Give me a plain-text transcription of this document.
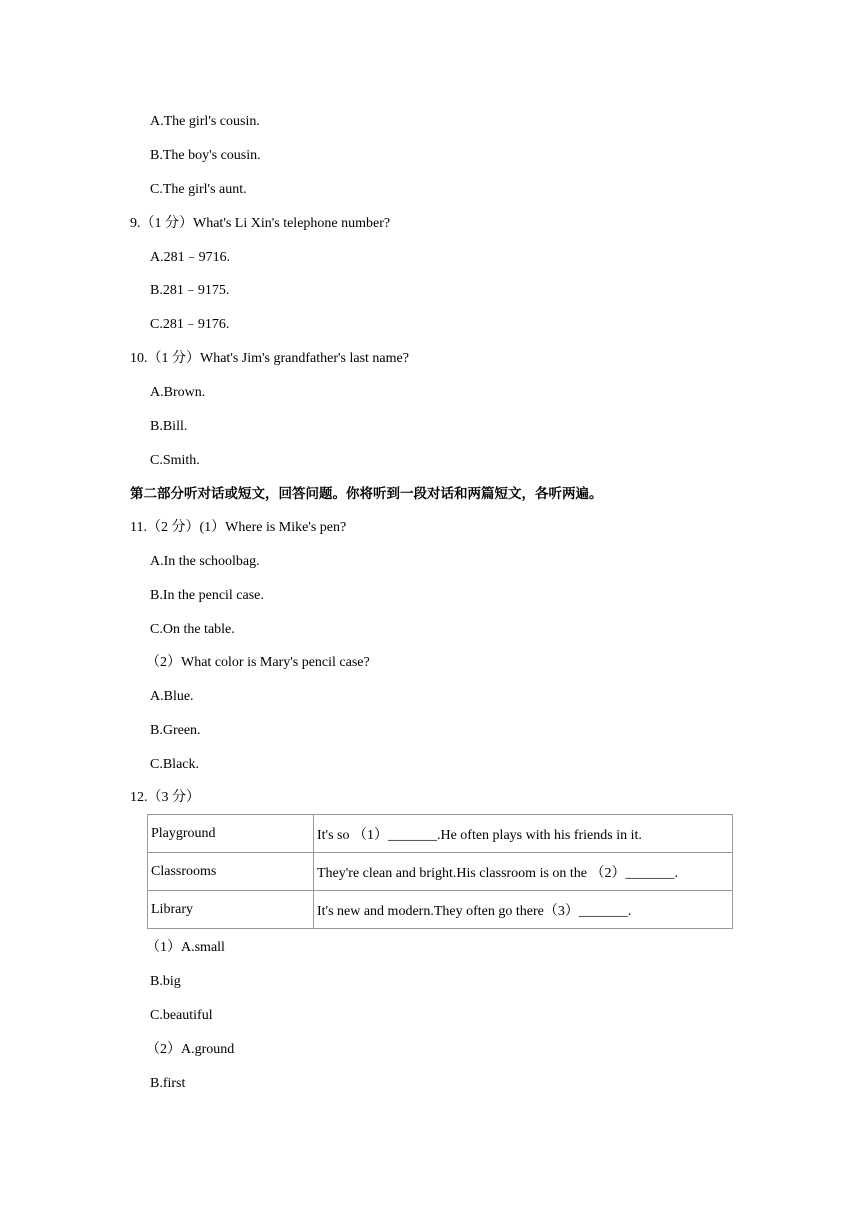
A.The girl's cousin.
B.The boy's cousin.
C.The girl's aunt.
9.（1 分）What's Li Xin's telephone number?
A.281﹣9716.
B.281﹣9175.
C.281﹣9176.
10.（1 分）What's Jim's grandfather's last name?
A.Brown.
B.Bill.
C.Smith.
第二部分听对话或短文，回答问题。你将听到一段对话和两篇短文，各听两遍。
11.（2 分）(1）Where is Mike's pen?
A.In the schoolbag.
B.In the pencil case.
C.On the table.
（2）What color is Mary's pencil case?
A.Blue.
B.Green.
C.Black.
12.（3 分）
Playground	It's so （1）_______.He often plays with his friends in it.
Classrooms	They're clean and bright.His classroom is on the （2）_______.
Library	It's new and modern.They often go there（3）_______.
（1）A.small
B.big
C.beautiful
（2）A.ground
B.first
